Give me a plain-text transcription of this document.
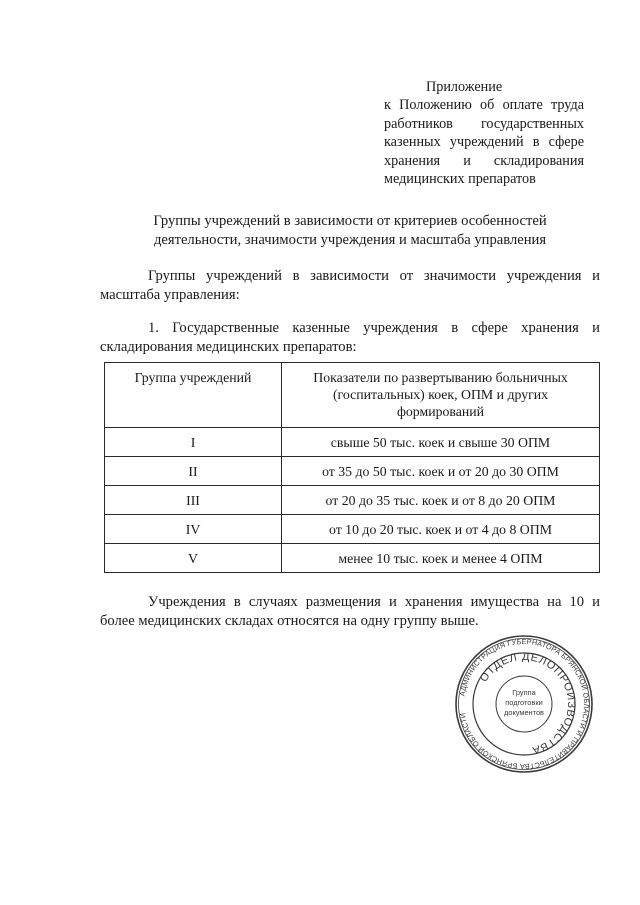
Приложение
к Положению об оплате труда
работников государственных
казенных учреждений в сфере
хранения и складирования
медицинских препаратов
Группы учреждений в зависимости от критериев особенностей
деятельности, значимости учреждения и масштаба управления
Группы учреждений в зависимости от значимости учреждения и
масштаба управления:
1. Государственные казенные учреждения в сфере хранения и
складирования медицинских препаратов:
Группа учреждений	Показатели по развертыванию больничных (госпитальных) коек, ОПМ и других формирований
I	свыше 50 тыс. коек и свыше 30 ОПМ
II	от 35 до 50 тыс. коек и от 20 до 30 ОПМ
III	от 20 до 35 тыс. коек и от 8 до 20 ОПМ
IV	от 10 до 20 тыс. коек и от 4 до 8 ОПМ
V	менее 10 тыс. коек и менее 4 ОПМ
Учреждения в случаях размещения и хранения имущества на 10 и
более медицинских складах относятся на одну группу выше.
АДМИНИСТРАЦИЯ ГУБЕРНАТОРА БРЯНСКОЙ ОБЛАСТИ И ПРАВИТЕЛЬСТВА БРЯНСКОЙ ОБЛАСТИ
ОТДЕЛ ДЕЛОПРОИЗВОДСТВА
Группа
подготовки
документов
